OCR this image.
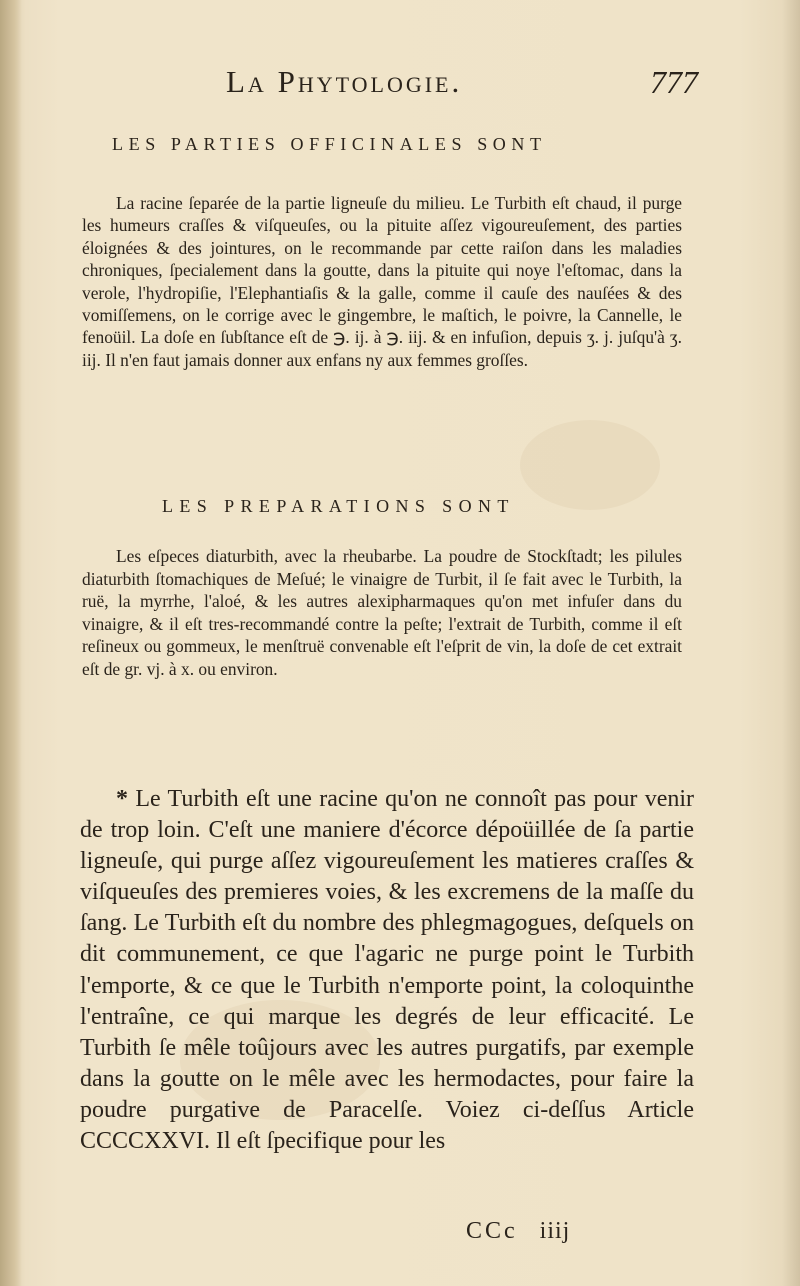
La Phytologie.	777
LES PARTIES OFFICINALES SONT

La racine ſeparée de la partie ligneuſe du milieu. Le Turbith eſt chaud, il purge les humeurs craſſes & viſqueuſes, ou la pituite aſſez vigoureuſement, des parties éloignées & des jointures, on le recommande par cette raiſon dans les maladies chroniques, ſpecialement dans la goutte, dans la pituite qui noye l'eſtomac, dans la verole, l'hydropiſie, l'Elephantiaſis & la galle, comme il cauſe des nauſées & des vomiſſemens, on le corrige avec le gingembre, le maſtich, le poivre, la Cannelle, le fenoüil. La doſe en ſubſtance eſt de ℈. ij. à ℈. iij. & en infuſion, depuis ʒ. j. juſqu'à ʒ. iij. Il n'en faut jamais donner aux enfans ny aux femmes groſſes.

LES PREPARATIONS SONT

Les eſpeces diaturbith, avec la rheubarbe. La poudre de Stockſtadt; les pilules diaturbith ſtomachiques de Meſué; le vinaigre de Turbit, il ſe fait avec le Turbith, la ruë, la myrrhe, l'aloé, & les autres alexipharmaques qu'on met infuſer dans du vinaigre, & il eſt tres-recommandé contre la peſte; l'extrait de Turbith, comme il eſt reſineux ou gommeux, le menſtruë convenable eſt l'eſprit de vin, la doſe de cet extrait eſt de gr. vj. à x. ou environ.

* Le Turbith eſt une racine qu'on ne connoît pas pour venir de trop loin. C'eſt une maniere d'écorce dépoüillée de ſa partie ligneuſe, qui purge aſſez vigoureuſement les matieres craſſes & viſqueuſes des premieres voies, & les excremens de la maſſe du ſang. Le Turbith eſt du nombre des phlegmagogues, deſquels on dit communement, ce que l'agaric ne purge point le Turbith l'emporte, & ce que le Turbith n'emporte point, la coloquinthe l'entraîne, ce qui marque les degrés de leur efficacité. Le Turbith ſe mêle toûjours avec les autres purgatifs, par exemple dans la goutte on le mêle avec les hermodactes, pour faire la poudre purgative de Paracelſe. Voiez ci-deſſus Article CCCCXXVI. Il eſt ſpecifique pour les

CCc iiij
